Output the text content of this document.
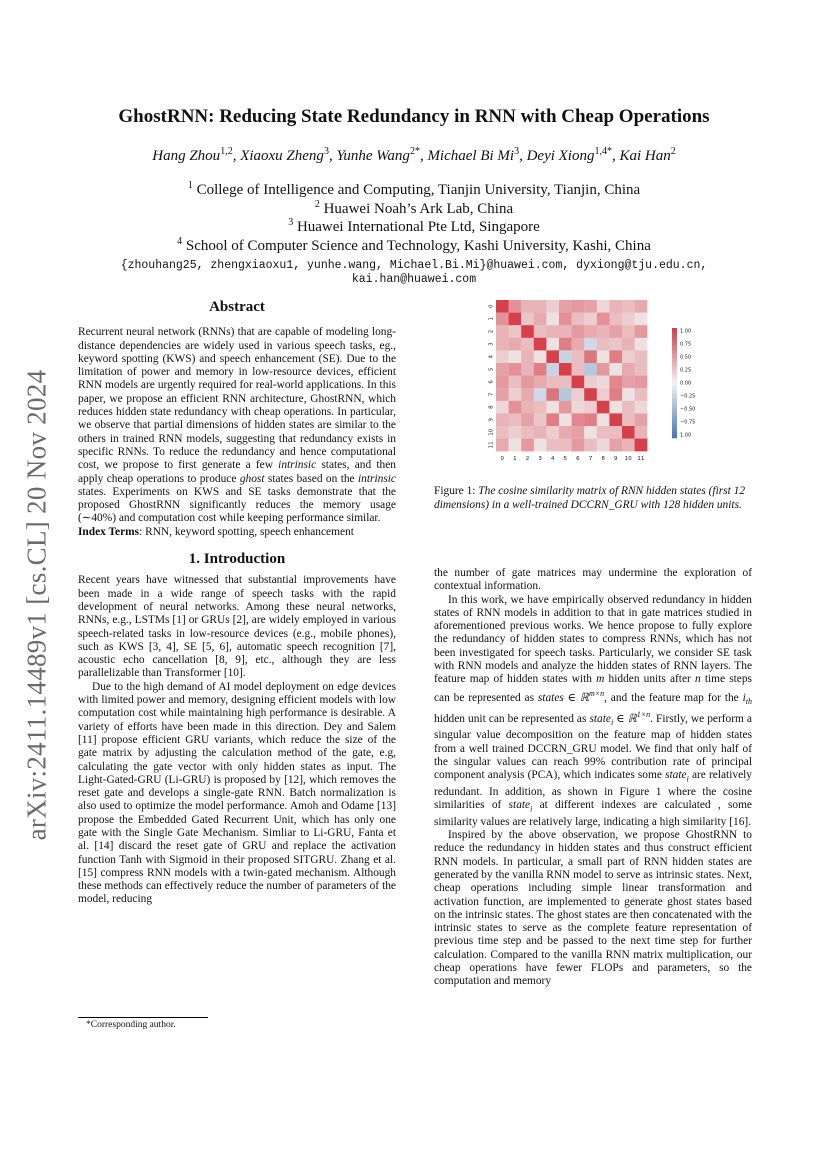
arXiv:2411.14489v1 [cs.CL] 20 Nov 2024
GhostRNN: Reducing State Redundancy in RNN with Cheap Operations
Hang Zhou$^{1,2}$, Xiaoxu Zheng$^3$, Yunhe Wang$^{2*}$, Michael Bi Mi$^3$, Deyi Xiong$^{1,4*}$, Kai Han$^2$
$^1$ College of Intelligence and Computing, Tianjin University, Tianjin, China
$^2$ Huawei Noah’s Ark Lab, China
$^3$ Huawei International Pte Ltd, Singapore
$^4$ School of Computer Science and Technology, Kashi University, Kashi, China
{zhouhang25, zhengxiaoxu1, yunhe.wang, Michael.Bi.Mi}@huawei.com, dyxiong@tju.edu.cn,
kai.han@huawei.com
Abstract

Recurrent neural network (RNNs) that are capable of modeling long-distance dependencies are widely used in various speech tasks, eg., keyword spotting (KWS) and speech enhancement (SE). Due to the limitation of power and memory in low-resource devices, efficient RNN models are urgently required for real-world applications. In this paper, we propose an efficient RNN architecture, GhostRNN, which reduces hidden state redundancy with cheap operations. In particular, we observe that partial dimensions of hidden states are similar to the others in trained RNN models, suggesting that redundancy exists in specific RNNs. To reduce the redundancy and hence computational cost, we propose to first generate a few intrinsic states, and then apply cheap operations to produce ghost states based on the intrinsic states. Experiments on KWS and SE tasks demonstrate that the proposed GhostRNN significantly reduces the memory usage (∼40%) and computation cost while keeping performance similar.

Index Terms: RNN, keyword spotting, speech enhancement

1. Introduction

Recent years have witnessed that substantial improvements have been made in a wide range of speech tasks with the rapid development of neural networks. Among these neural networks, RNNs, e.g., LSTMs [1] or GRUs [2], are widely employed in various speech-related tasks in low-resource devices (e.g., mobile phones), such as KWS [3, 4], SE [5, 6], automatic speech recognition [7], acoustic echo cancellation [8, 9], etc., although they are less parallelizable than Transformer [10].

Due to the high demand of AI model deployment on edge devices with limited power and memory, designing efficient models with low computation cost while maintaining high performance is desirable. A variety of efforts have been made in this direction. Dey and Salem [11] propose efficient GRU variants, which reduce the size of the gate matrix by adjusting the calculation method of the gate, e.g, calculating the gate vector with only hidden states as input. The Light-Gated-GRU (Li-GRU) is proposed by [12], which removes the reset gate and develops a single-gate RNN. Batch normalization is also used to optimize the model performance. Amoh and Odame [13] propose the Embedded Gated Recurrent Unit, which has only one gate with the Single Gate Mechanism. Simliar to Li-GRU, Fanta et al. [14] discard the reset gate of GRU and replace the activation function Tanh with Sigmoid in their proposed SITGRU. Zhang et al. [15] compress RNN models with a twin-gated mechanism. Although these methods can effectively reduce the number of parameters of the model, reducing

*Corresponding author.
0 1 2 3 4 5 6 7 8 9 10 11
0
1
2
3
4
5
6
7
8
9
10
11
1.00
0.75
0.50
0.25
0.00
−0.25
−0.50
−0.75
1.00
Figure 1: The cosine similarity matrix of RNN hidden states (first 12 dimensions) in a well-trained DCCRN_GRU with 128 hidden units.

the number of gate matrices may undermine the exploration of contextual information.

In this work, we have empirically observed redundancy in hidden states of RNN models in addition to that in gate matrices studied in aforementioned previous works. We hence propose to fully explore the redundancy of hidden states to compress RNNs, which has not been investigated for speech tasks. Particularly, we consider SE task with RNN models and analyze the hidden states of RNN layers. The feature map of hidden states with m hidden units after n time steps can be represented as states ∈ ℝ$^{m\times n}$, and the feature map for the $i_{th}$ hidden unit can be represented as state$_i$ ∈ ℝ$^{1\times n}$. Firstly, we perform a singular value decomposition on the feature map of hidden states from a well trained DCCRN_GRU model. We find that only half of the singular values can reach 99% contribution rate of principal component analysis (PCA), which indicates some state$_i$ are relatively redundant. In addition, as shown in Figure 1 where the cosine similarities of state$_i$ at different indexes are calculated , some similarity values are relatively large, indicating a high similarity [16].

Inspired by the above observation, we propose GhostRNN to reduce the redundancy in hidden states and thus construct efficient RNN models. In particular, a small part of RNN hidden states are generated by the vanilla RNN model to serve as intrinsic states. Next, cheap operations including simple linear transformation and activation function, are implemented to generate ghost states based on the intrinsic states. The ghost states are then concatenated with the intrinsic states to serve as the complete feature representation of previous time step and be passed to the next time step for further calculation. Compared to the vanilla RNN matrix multiplication, our cheap operations have fewer FLOPs and parameters, so the computation and memory
